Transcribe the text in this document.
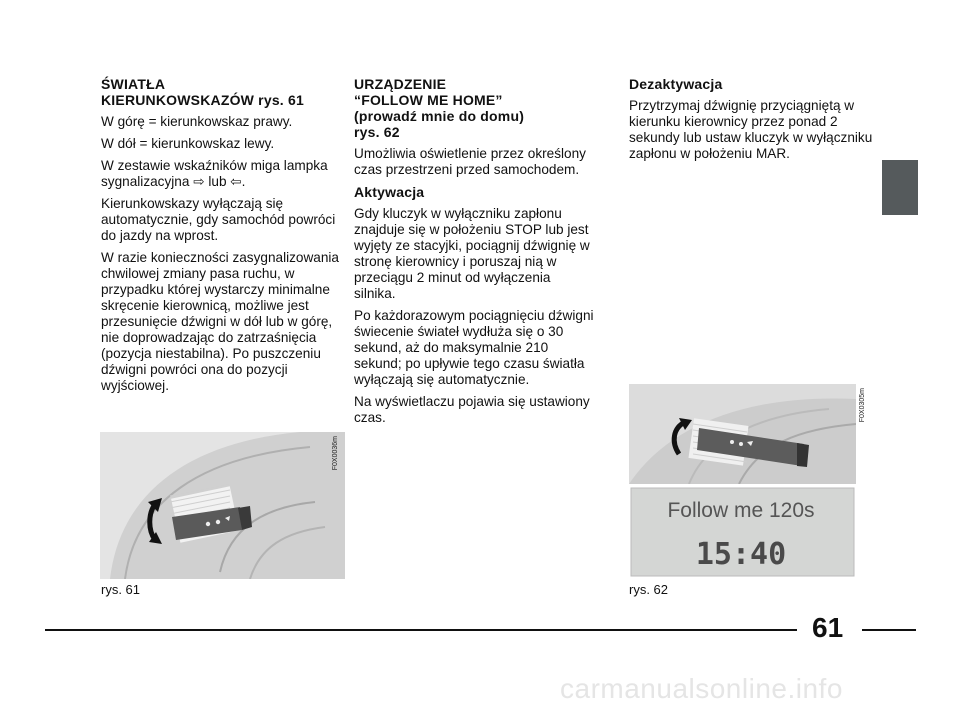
ŚWIATŁA
KIERUNKOWSKAZÓW rys. 61

W górę = kierunkowskaz prawy.

W dół = kierunkowskaz lewy.

W zestawie wskaźników miga lampka sygnalizacyjna ⇨ lub ⇦.

Kierunkowskazy wyłączają się automatycznie, gdy samochód powróci do jazdy na wprost.

W razie konieczności zasygnalizowania chwilowej zmiany pasa ruchu, w przypadku której wystarczy minimalne skręcenie kierownicą, możliwe jest przesunięcie dźwigni w dół lub w górę, nie doprowadzając do zatrzaśnięcia (pozycja niestabilna). Po puszczeniu dźwigni powróci ona do pozycji wyjściowej.

URZĄDZENIE
“FOLLOW ME HOME”
(prowadź mnie do domu)
rys. 62

Umożliwia oświetlenie przez określony czas przestrzeni przed samochodem.

Aktywacja

Gdy kluczyk w wyłączniku zapłonu znajduje się w położeniu STOP lub jest wyjęty ze stacyjki, pociągnij dźwignię w stronę kierownicy i poruszaj nią w przeciągu 2 minut od wyłączenia silnika.

Po każdorazowym pociągnięciu dźwigni świecenie świateł wydłuża się o 30 sekund, aż do maksymalnie 210 sekund; po upływie tego czasu światła wyłączają się automatycznie.

Na wyświetlaczu pojawia się ustawiony czas.

Dezaktywacja

Przytrzymaj dźwignię przyciągniętą w kierunku kierownicy przez ponad 2 sekundy lub ustaw kluczyk w wyłączniku zapłonu w położeniu MAR.

F0X0036m
rys. 61
Follow me 120s
15:40
F0X0305m
rys. 62
61
carmanualsonline.info
